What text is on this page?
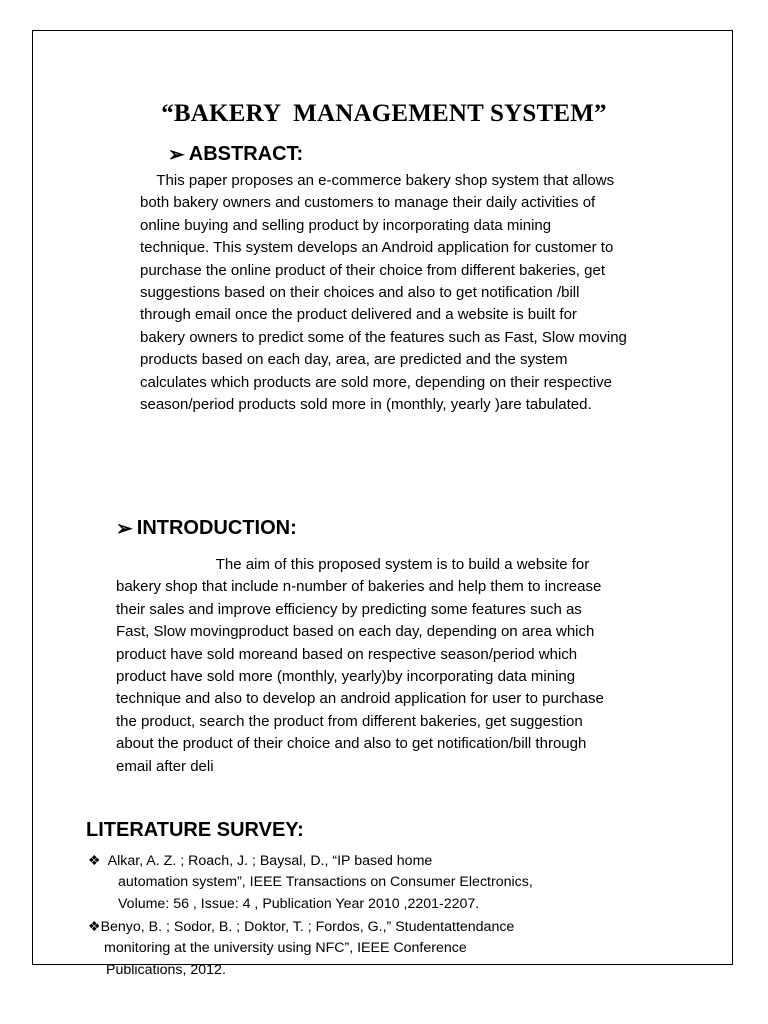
“BAKERY  MANAGEMENT SYSTEM”
➢ ABSTRACT:
This paper proposes an e-commerce bakery shop system that allows
both bakery owners and customers to manage their daily activities of
online buying and selling product by incorporating data mining
technique. This system develops an Android application for customer to
purchase the online product of their choice from different bakeries, get
suggestions based on their choices and also to get notification /bill
through email once the product delivered and a website is built for
bakery owners to predict some of the features such as Fast, Slow moving
products based on each day, area, are predicted and the system
calculates which products are sold more, depending on their respective
season/period products sold more in (monthly, yearly )are tabulated.
➢ INTRODUCTION:
The aim of this proposed system is to build a website for
bakery shop that include n-number of bakeries and help them to increase
their sales and improve efficiency by predicting some features such as
Fast, Slow movingproduct based on each day, depending on area which
product have sold moreand based on respective season/period which
product have sold more (monthly, yearly)by incorporating data mining
technique and also to develop an android application for user to purchase
the product, search the product from different bakeries, get suggestion
about the product of their choice and also to get notification/bill through
email after deli
LITERATURE SURVEY:
❖ Alkar, A. Z. ; Roach, J. ; Baysal, D., “IP based home
automation system”, IEEE Transactions on Consumer Electronics,
Volume: 56 , Issue: 4 , Publication Year 2010 ,2201-2207.
❖Benyo, B. ; Sodor, B. ; Doktor, T. ; Fordos, G.,” Studentattendance
monitoring at the university using NFC”, IEEE Conference
Publications, 2012.
